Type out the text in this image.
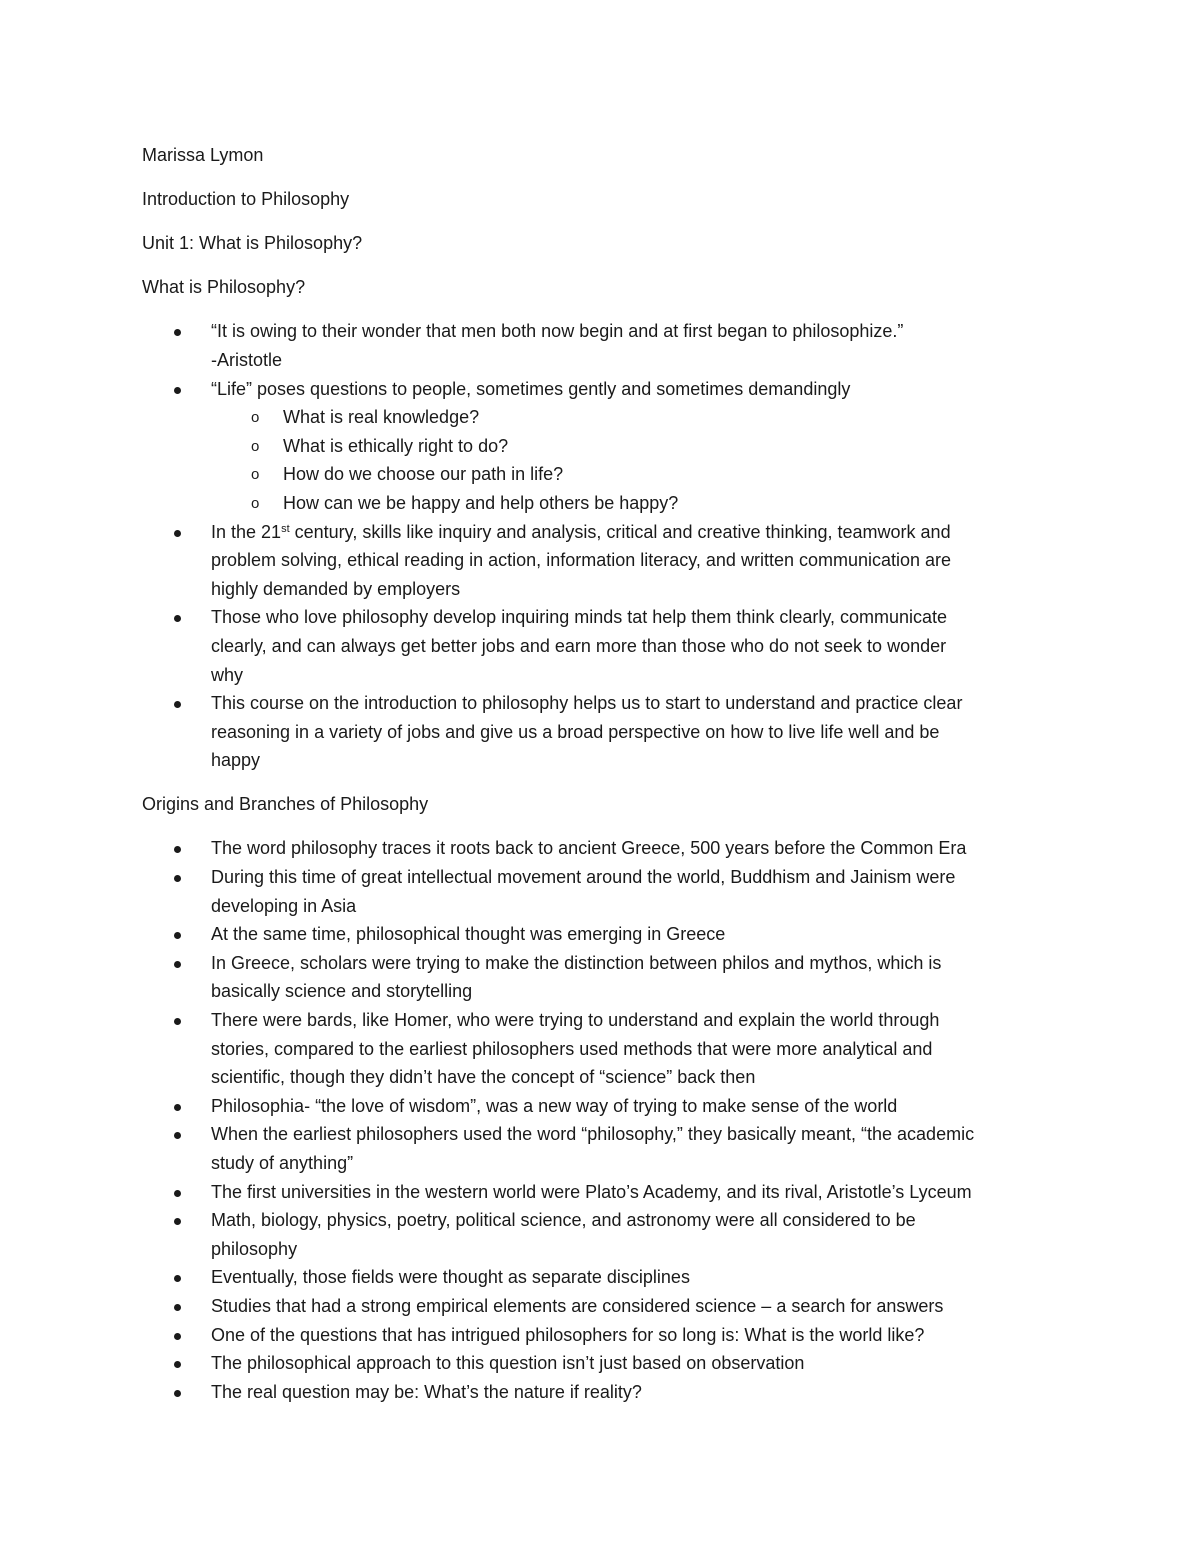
Marissa Lymon

Introduction to Philosophy

Unit 1: What is Philosophy?

What is Philosophy?

“It is owing to their wonder that men both now begin and at first began to philosophize.”
-Aristotle
“Life” poses questions to people, sometimes gently and sometimes demandingly
o What is real knowledge?
o What is ethically right to do?
o How do we choose our path in life?
o How can we be happy and help others be happy?
In the 21st century, skills like inquiry and analysis, critical and creative thinking, teamwork and
problem solving, ethical reading in action, information literacy, and written communication are
highly demanded by employers
Those who love philosophy develop inquiring minds tat help them think clearly, communicate
clearly, and can always get better jobs and earn more than those who do not seek to wonder
why
This course on the introduction to philosophy helps us to start to understand and practice clear
reasoning in a variety of jobs and give us a broad perspective on how to live life well and be
happy

Origins and Branches of Philosophy

The word philosophy traces it roots back to ancient Greece, 500 years before the Common Era
During this time of great intellectual movement around the world, Buddhism and Jainism were
developing in Asia
At the same time, philosophical thought was emerging in Greece
In Greece, scholars were trying to make the distinction between philos and mythos, which is
basically science and storytelling
There were bards, like Homer, who were trying to understand and explain the world through
stories, compared to the earliest philosophers used methods that were more analytical and
scientific, though they didn’t have the concept of “science” back then
Philosophia- “the love of wisdom”, was a new way of trying to make sense of the world
When the earliest philosophers used the word “philosophy,” they basically meant, “the academic
study of anything”
The first universities in the western world were Plato’s Academy, and its rival, Aristotle’s Lyceum
Math, biology, physics, poetry, political science, and astronomy were all considered to be
philosophy
Eventually, those fields were thought as separate disciplines
Studies that had a strong empirical elements are considered science – a search for answers
One of the questions that has intrigued philosophers for so long is: What is the world like?
The philosophical approach to this question isn’t just based on observation
The real question may be: What’s the nature if reality?
